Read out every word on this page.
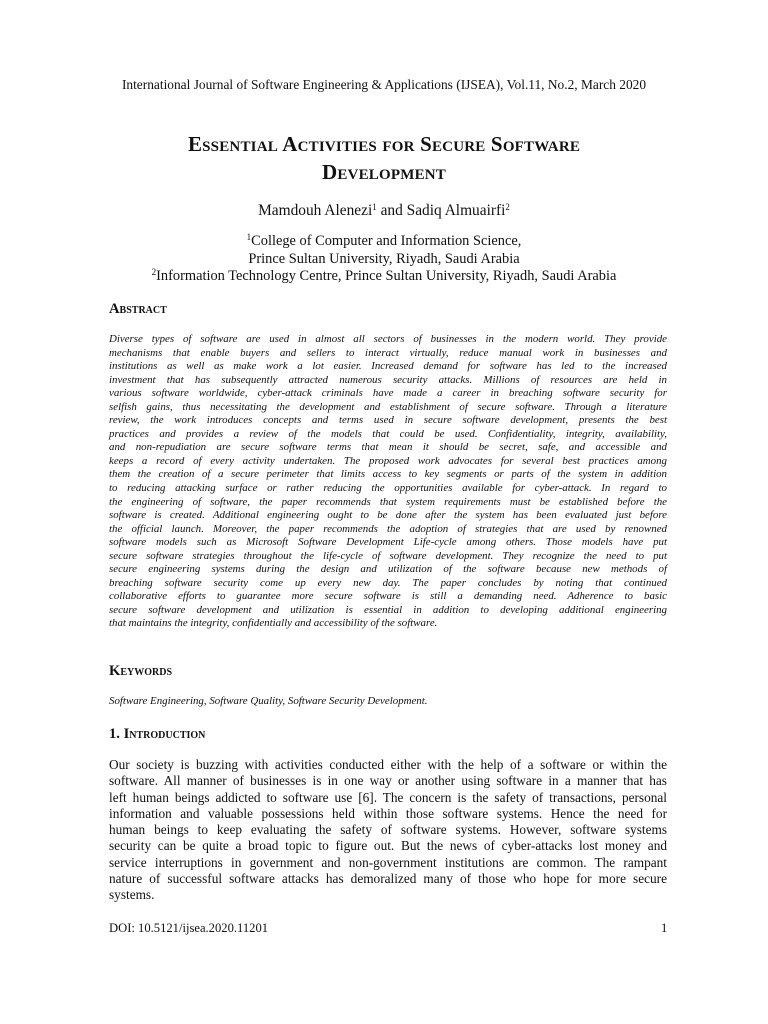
International Journal of Software Engineering & Applications (IJSEA), Vol.11, No.2, March 2020
Essential Activities for Secure Software
Development
Mamdouh Alenezi$^1$ and Sadiq Almuairfi$^2$
$^1$College of Computer and Information Science,
Prince Sultan University, Riyadh, Saudi Arabia
$^2$Information Technology Centre, Prince Sultan University, Riyadh, Saudi Arabia
Abstract
Diverse types of software are used in almost all sectors of businesses in the modern world. They provide
mechanisms that enable buyers and sellers to interact virtually, reduce manual work in businesses and
institutions as well as make work a lot easier. Increased demand for software has led to the increased
investment that has subsequently attracted numerous security attacks. Millions of resources are held in
various software worldwide, cyber-attack criminals have made a career in breaching software security for
selfish gains, thus necessitating the development and establishment of secure software. Through a literature
review, the work introduces concepts and terms used in secure software development, presents the best
practices and provides a review of the models that could be used. Confidentiality, integrity, availability,
and non-repudiation are secure software terms that mean it should be secret, safe, and accessible and
keeps a record of every activity undertaken. The proposed work advocates for several best practices among
them the creation of a secure perimeter that limits access to key segments or parts of the system in addition
to reducing attacking surface or rather reducing the opportunities available for cyber-attack. In regard to
the engineering of software, the paper recommends that system requirements must be established before the
software is created. Additional engineering ought to be done after the system has been evaluated just before
the official launch. Moreover, the paper recommends the adoption of strategies that are used by renowned
software models such as Microsoft Software Development Life-cycle among others. Those models have put
secure software strategies throughout the life-cycle of software development. They recognize the need to put
secure engineering systems during the design and utilization of the software because new methods of
breaching software security come up every new day. The paper concludes by noting that continued
collaborative efforts to guarantee more secure software is still a demanding need. Adherence to basic
secure software development and utilization is essential in addition to developing additional engineering
that maintains the integrity, confidentially and accessibility of the software.
Keywords
Software Engineering, Software Quality, Software Security Development.
1. Introduction
Our society is buzzing with activities conducted either with the help of a software or within the
software. All manner of businesses is in one way or another using software in a manner that has
left human beings addicted to software use [6]. The concern is the safety of transactions, personal
information and valuable possessions held within those software systems. Hence the need for
human beings to keep evaluating the safety of software systems. However, software systems
security can be quite a broad topic to figure out. But the news of cyber-attacks lost money and
service interruptions in government and non-government institutions are common. The rampant
nature of successful software attacks has demoralized many of those who hope for more secure
systems.
DOI: 10.5121/ijsea.2020.11201	1
